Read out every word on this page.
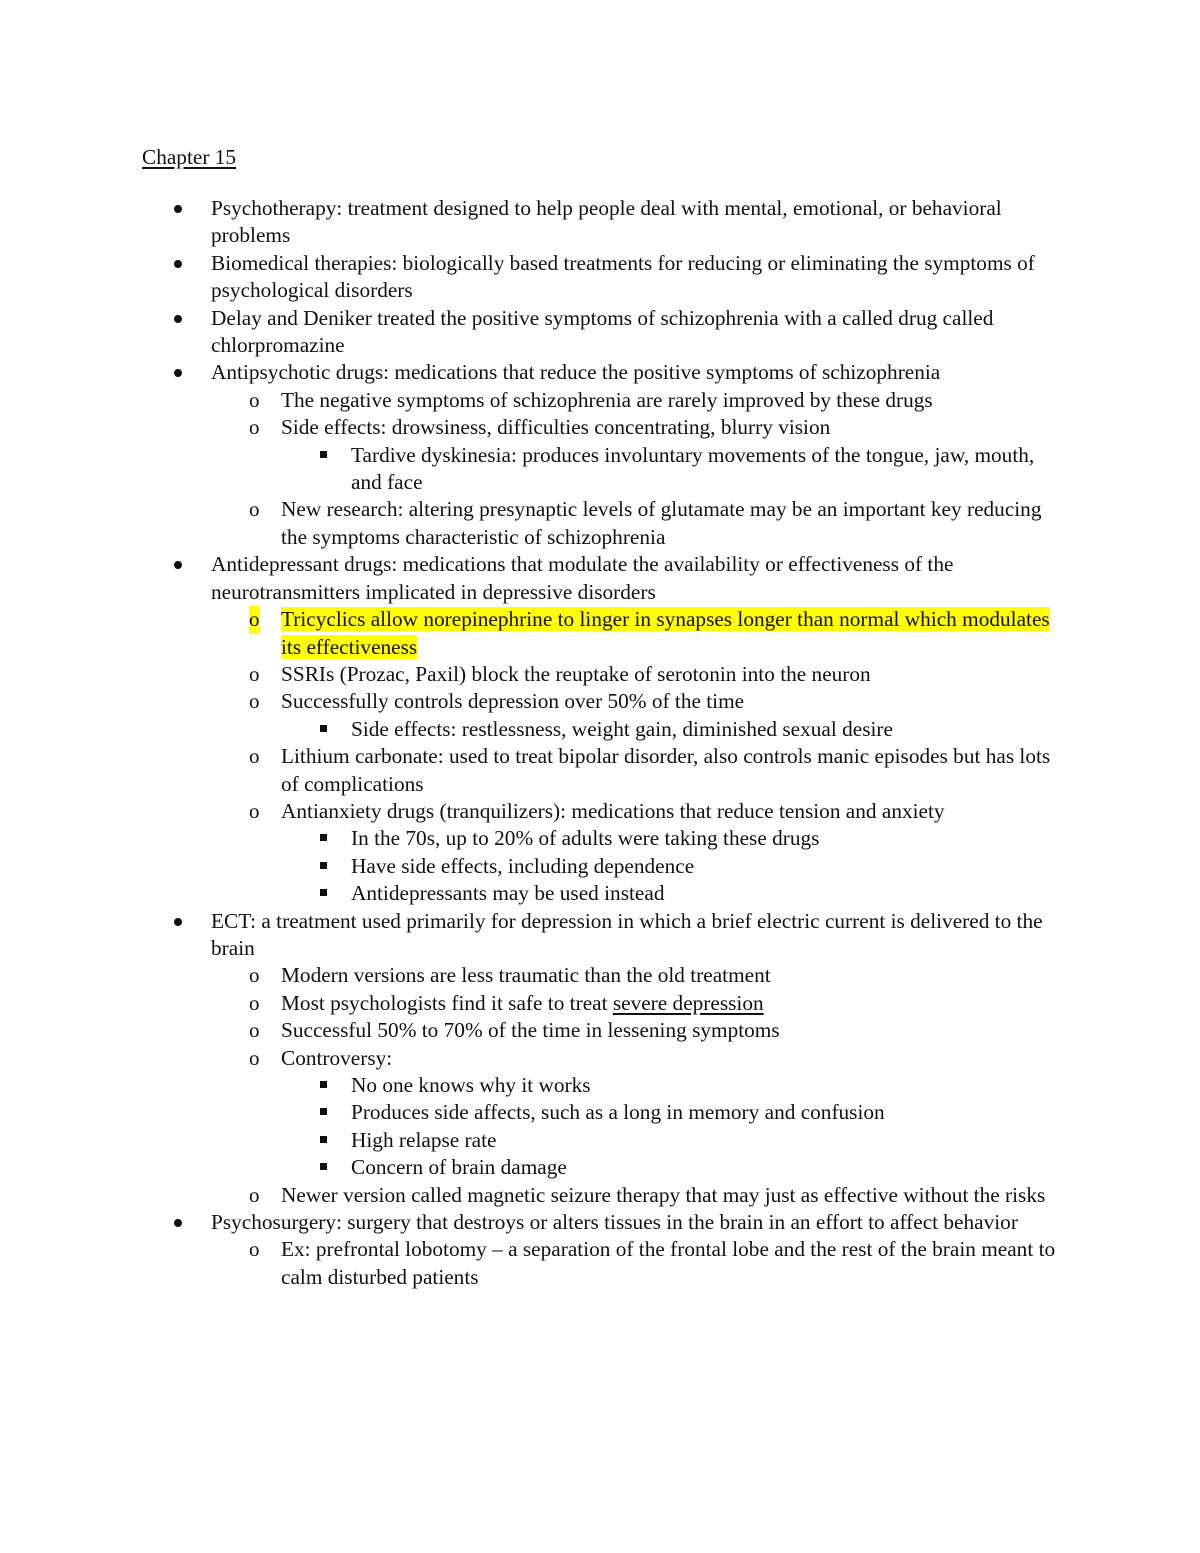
Chapter 15
Psychotherapy: treatment designed to help people deal with mental, emotional, or behavioral problems
Biomedical therapies: biologically based treatments for reducing or eliminating the symptoms of psychological disorders
Delay and Deniker treated the positive symptoms of schizophrenia with a called drug called chlorpromazine
Antipsychotic drugs: medications that reduce the positive symptoms of schizophrenia
o The negative symptoms of schizophrenia are rarely improved by these drugs
o Side effects: drowsiness, difficulties concentrating, blurry vision
Tardive dyskinesia: produces involuntary movements of the tongue, jaw, mouth, and face
o New research: altering presynaptic levels of glutamate may be an important key reducing the symptoms characteristic of schizophrenia
Antidepressant drugs: medications that modulate the availability or effectiveness of the neurotransmitters implicated in depressive disorders
o Tricyclics allow norepinephrine to linger in synapses longer than normal which modulates its effectiveness
o SSRIs (Prozac, Paxil) block the reuptake of serotonin into the neuron
o Successfully controls depression over 50% of the time
Side effects: restlessness, weight gain, diminished sexual desire
o Lithium carbonate: used to treat bipolar disorder, also controls manic episodes but has lots of complications
o Antianxiety drugs (tranquilizers): medications that reduce tension and anxiety
In the 70s, up to 20% of adults were taking these drugs
Have side effects, including dependence
Antidepressants may be used instead
ECT: a treatment used primarily for depression in which a brief electric current is delivered to the brain
o Modern versions are less traumatic than the old treatment
o Most psychologists find it safe to treat severe depression
o Successful 50% to 70% of the time in lessening symptoms
o Controversy:
No one knows why it works
Produces side affects, such as a long in memory and confusion
High relapse rate
Concern of brain damage
o Newer version called magnetic seizure therapy that may just as effective without the risks
Psychosurgery: surgery that destroys or alters tissues in the brain in an effort to affect behavior
o Ex: prefrontal lobotomy – a separation of the frontal lobe and the rest of the brain meant to calm disturbed patients
